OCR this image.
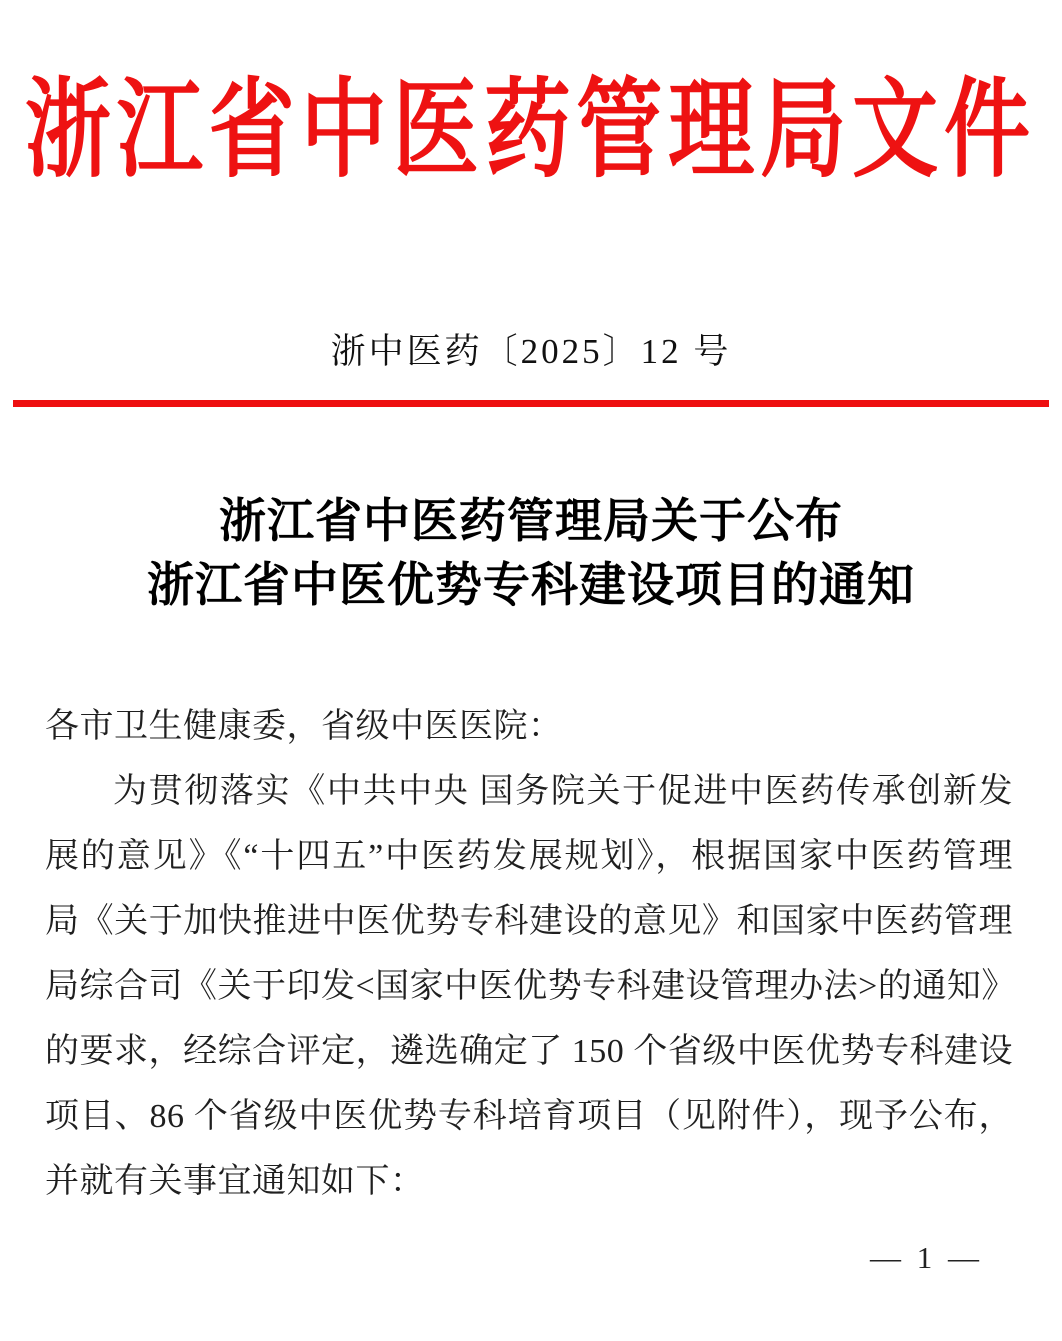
浙江省中医药管理局文件
浙中医药〔2025〕12 号
浙江省中医药管理局关于公布
浙江省中医优势专科建设项目的通知
各市卫生健康委，省级中医医院：
为贯彻落实《中共中央 国务院关于促进中医药传承创新发
展的意见》《“十四五”中医药发展规划》，根据国家中医药管理
局《关于加快推进中医优势专科建设的意见》和国家中医药管理
局综合司《关于印发<国家中医优势专科建设管理办法>的通知》
的要求，经综合评定，遴选确定了 150 个省级中医优势专科建设
项目、86 个省级中医优势专科培育项目（见附件），现予公布，
并就有关事宜通知如下：
— 1 —
